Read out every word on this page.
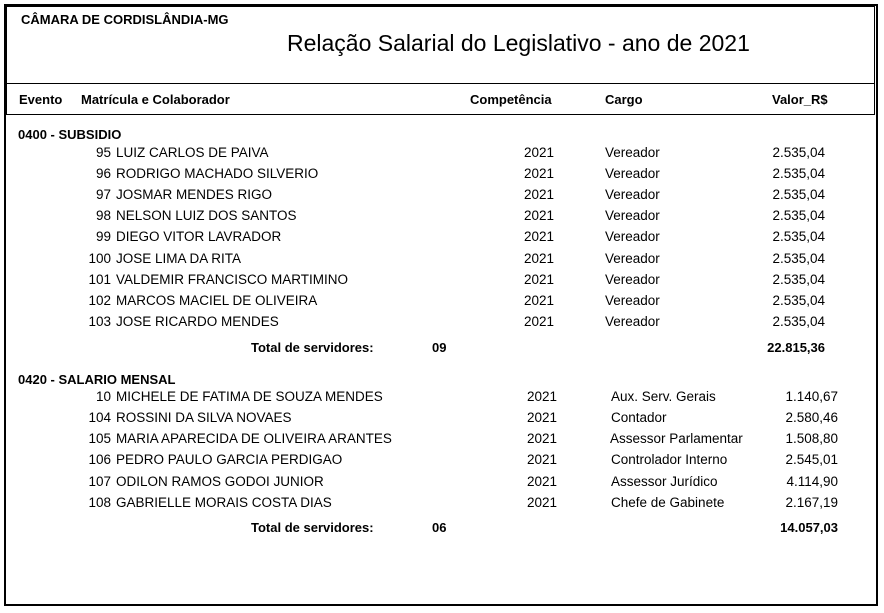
CÂMARA DE CORDISLÂNDIA-MG
Relação Salarial do Legislativo - ano de 2021
Evento Matrícula e Colaborador	Competência	Cargo	Valor_R$
0400 - SUBSIDIO
95 LUIZ CARLOS DE PAIVA	2021	Vereador	2.535,04
96 RODRIGO MACHADO SILVERIO	2021	Vereador	2.535,04
97 JOSMAR MENDES RIGO	2021	Vereador	2.535,04
98 NELSON LUIZ DOS SANTOS	2021	Vereador	2.535,04
99 DIEGO VITOR LAVRADOR	2021	Vereador	2.535,04
100 JOSE LIMA DA RITA	2021	Vereador	2.535,04
101 VALDEMIR FRANCISCO MARTIMINO	2021	Vereador	2.535,04
102 MARCOS MACIEL DE OLIVEIRA	2021	Vereador	2.535,04
103 JOSE RICARDO MENDES	2021	Vereador	2.535,04
Total de servidores:	09	22.815,36
0420 - SALARIO MENSAL
10 MICHELE DE FATIMA DE SOUZA MENDES	2021	Aux. Serv. Gerais	1.140,67
104 ROSSINI DA SILVA NOVAES	2021	Contador	2.580,46
105 MARIA APARECIDA DE OLIVEIRA ARANTES	2021	Assessor Parlamentar	1.508,80
106 PEDRO PAULO GARCIA PERDIGAO	2021	Controlador Interno	2.545,01
107 ODILON RAMOS GODOI JUNIOR	2021	Assessor Jurídico	4.114,90
108 GABRIELLE MORAIS COSTA DIAS	2021	Chefe de Gabinete	2.167,19
Total de servidores:	06	14.057,03
